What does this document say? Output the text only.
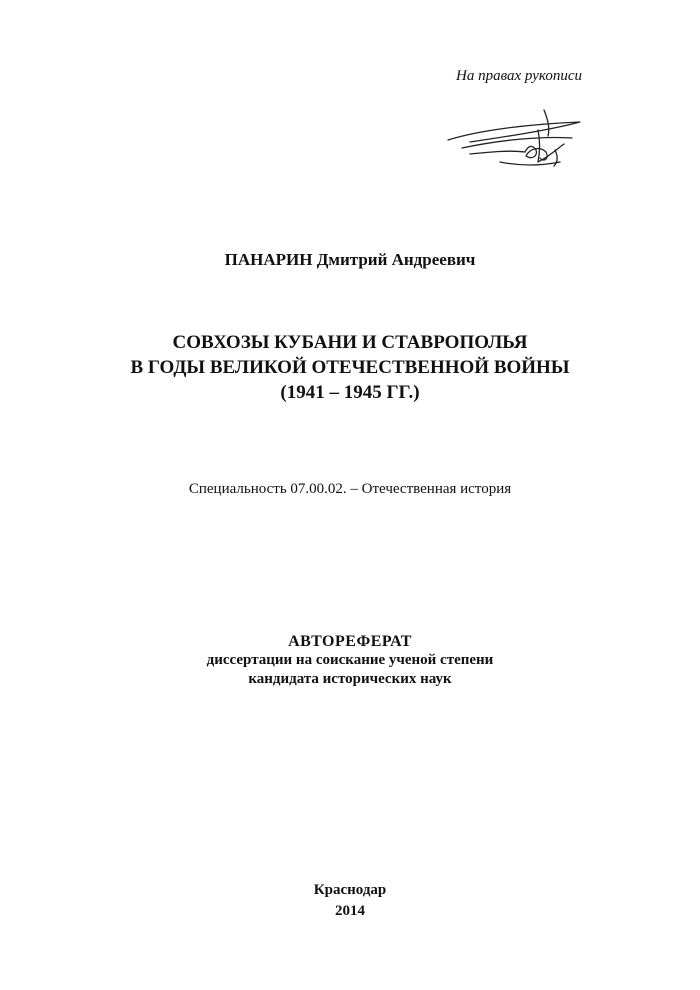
На правах рукописи
ПАНАРИН Дмитрий Андреевич
СОВХОЗЫ КУБАНИ И СТАВРОПОЛЬЯ
В ГОДЫ ВЕЛИКОЙ ОТЕЧЕСТВЕННОЙ ВОЙНЫ
(1941 – 1945 ГГ.)
Специальность 07.00.02. – Отечественная история
АВТОРЕФЕРАТ
диссертации на соискание ученой степени
кандидата исторических наук
Краснодар
2014
